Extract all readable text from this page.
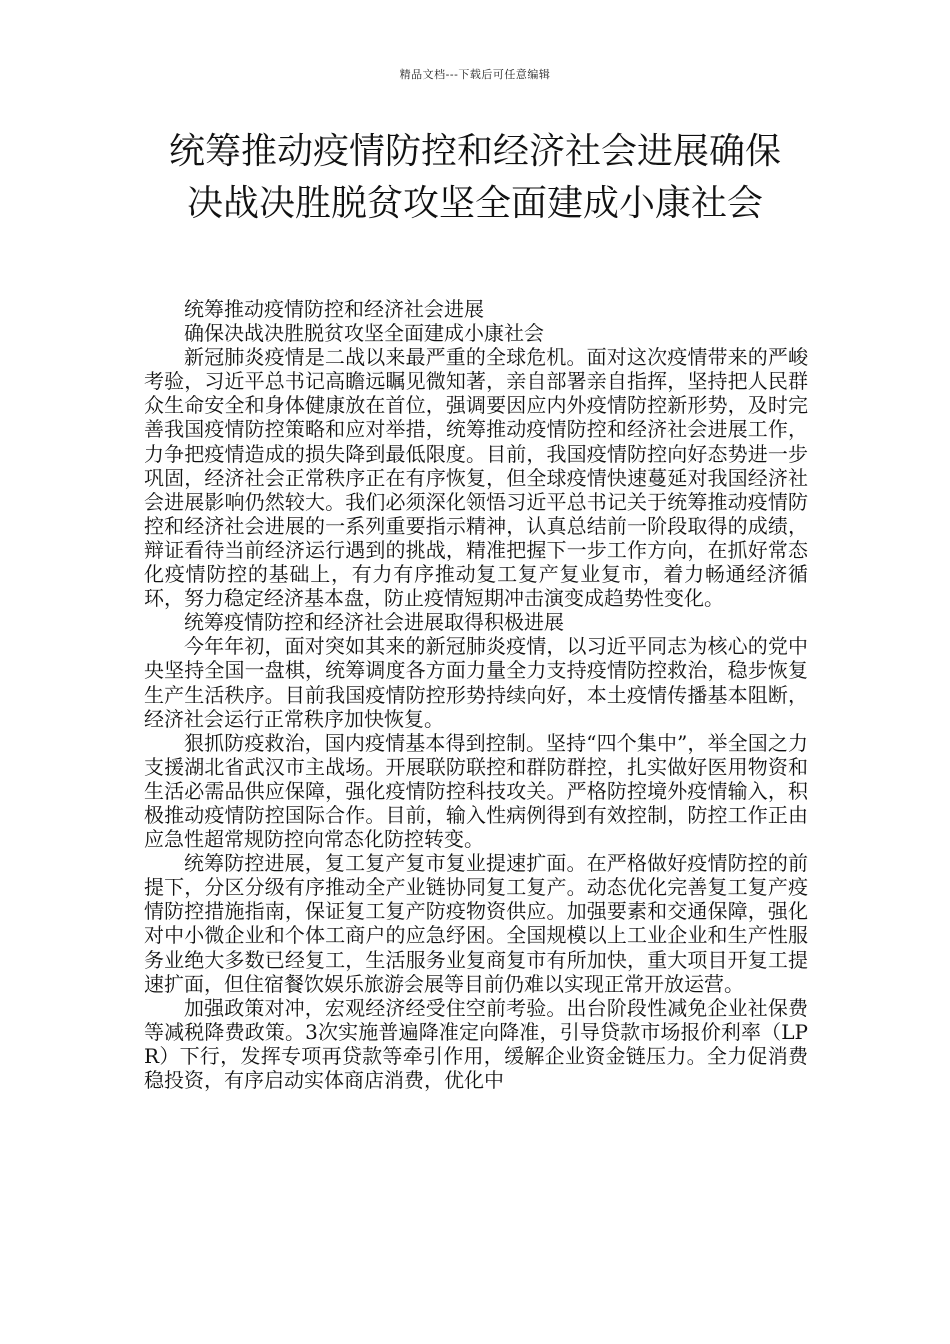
精品文档---下载后可任意编辑
统筹推动疫情防控和经济社会进展确保
决战决胜脱贫攻坚全面建成小康社会

统筹推动疫情防控和经济社会进展

确保决战决胜脱贫攻坚全面建成小康社会

新冠肺炎疫情是二战以来最严重的全球危机。面对这次疫情带来的严峻考验，习近平总书记高瞻远瞩见微知著，亲自部署亲自指挥，坚持把人民群众生命安全和身体健康放在首位，强调要因应内外疫情防控新形势，及时完善我国疫情防控策略和应对举措，统筹推动疫情防控和经济社会进展工作，力争把疫情造成的损失降到最低限度。目前，我国疫情防控向好态势进一步巩固，经济社会正常秩序正在有序恢复，但全球疫情快速蔓延对我国经济社会进展影响仍然较大。我们必须深化领悟习近平总书记关于统筹推动疫情防控和经济社会进展的一系列重要指示精神，认真总结前一阶段取得的成绩，辩证看待当前经济运行遇到的挑战，精准把握下一步工作方向，在抓好常态化疫情防控的基础上，有力有序推动复工复产复业复市，着力畅通经济循环，努力稳定经济基本盘，防止疫情短期冲击演变成趋势性变化。

统筹疫情防控和经济社会进展取得积极进展

今年年初，面对突如其来的新冠肺炎疫情，以习近平同志为核心的党中央坚持全国一盘棋，统筹调度各方面力量全力支持疫情防控救治，稳步恢复生产生活秩序。目前我国疫情防控形势持续向好，本土疫情传播基本阻断，经济社会运行正常秩序加快恢复。

狠抓防疫救治，国内疫情基本得到控制。坚持“四个集中”，举全国之力支援湖北省武汉市主战场。开展联防联控和群防群控，扎实做好医用物资和生活必需品供应保障，强化疫情防控科技攻关。严格防控境外疫情输入，积极推动疫情防控国际合作。目前，输入性病例得到有效控制，防控工作正由应急性超常规防控向常态化防控转变。

统筹防控进展，复工复产复市复业提速扩面。在严格做好疫情防控的前提下，分区分级有序推动全产业链协同复工复产。动态优化完善复工复产疫情防控措施指南，保证复工复产防疫物资供应。加强要素和交通保障，强化对中小微企业和个体工商户的应急纾困。全国规模以上工业企业和生产性服务业绝大多数已经复工，生活服务业复商复市有所加快，重大项目开复工提速扩面，但住宿餐饮娱乐旅游会展等目前仍难以实现正常开放运营。

加强政策对冲，宏观经济经受住空前考验。出台阶段性减免企业社保费等减税降费政策。3次实施普遍降准定向降准，引导贷款市场报价利率（LPR）下行，发挥专项再贷款等牵引作用，缓解企业资金链压力。全力促消费稳投资，有序启动实体商店消费，优化中
